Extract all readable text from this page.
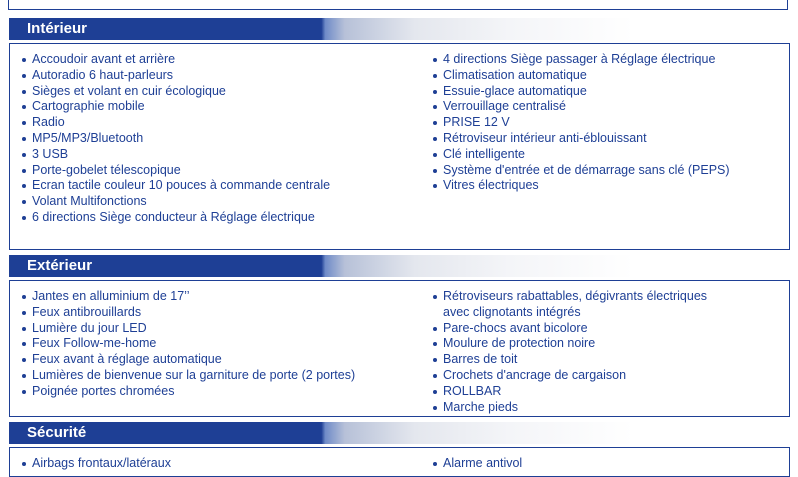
Intérieur
Accoudoir avant et arrière
Autoradio 6 haut-parleurs
Sièges et volant en cuir écologique
Cartographie mobile
Radio
MP5/MP3/Bluetooth
3 USB
Porte-gobelet télescopique
Ecran tactile couleur 10 pouces à commande centrale
Volant Multifonctions
6 directions Siège conducteur à Réglage électrique
4 directions Siège passager à Réglage électrique
Climatisation automatique
Essuie-glace automatique
Verrouillage centralisé
PRISE 12 V
Rétroviseur intérieur anti-éblouissant
Clé intelligente
Système d'entrée et de démarrage sans clé (PEPS)
Vitres électriques
Extérieur
Jantes en alluminium de 17’’
Feux antibrouillards
Lumière du jour LED
Feux Follow-me-home
Feux avant à réglage automatique
Lumières de bienvenue sur la garniture de porte (2 portes)
Poignée portes chromées
Rétroviseurs rabattables, dégivrants électriques
avec clignotants intégrés
Pare-chocs avant bicolore
Moulure de protection noire
Barres de toit
Crochets d'ancrage de cargaison
ROLLBAR
Marche pieds
Sécurité
Airbags frontaux/latéraux	Alarme antivol
